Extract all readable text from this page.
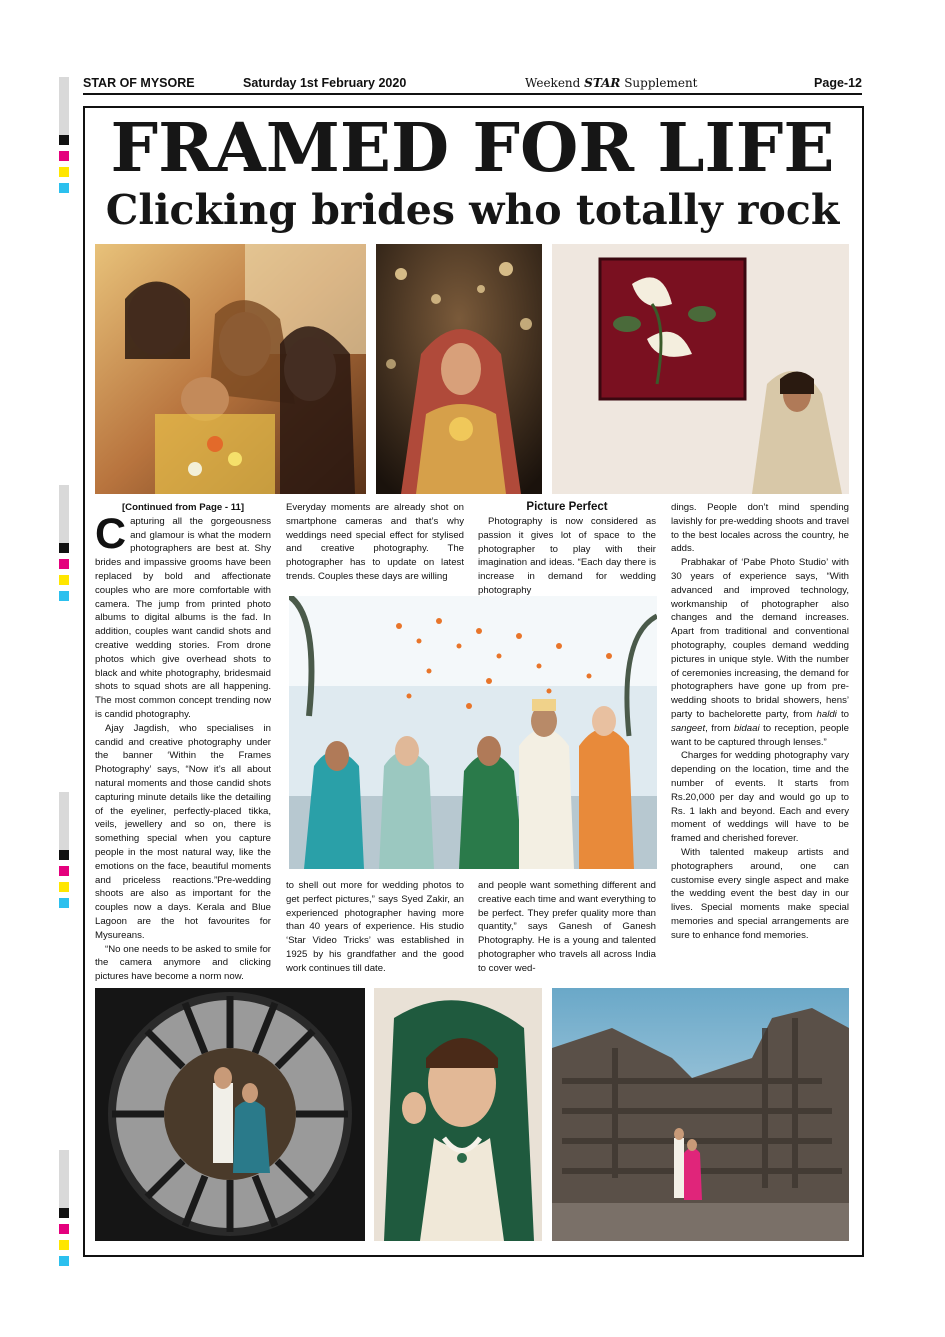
STAR OF MYSORE	Saturday 1st February 2020	Weekend STAR Supplement	Page-12
FRAMED FOR LIFE
Clicking brides who totally rock

[Continued from Page - 11]

Capturing all the gorgeousness and glamour is what the modern photographers are best at. Shy brides and impassive grooms have been replaced by bold and affectionate couples who are more comfortable with camera. The jump from printed photo albums to digital albums is the fad. In addition, couples want candid shots and creative wedding stories. From drone photos which give overhead shots to black and white photography, bridesmaid shots to squad shots are all happening. The most common concept trending now is candid photography.

Ajay Jagdish, who specialises in candid and creative photography under the banner ‘Within the Frames Photography’ says, “Now it’s all about natural moments and those candid shots capturing minute details like the detailing of the eyeliner, perfectly-placed tikka, veils, jewellery and so on, there is something special when you capture people in the most natural way, like the emotions on the face, beautiful moments and priceless reactions.”Pre-wedding shoots are also as important for the couples now a days. Kerala and Blue Lagoon are the hot favourites for Mysureans.

“No one needs to be asked to smile for the camera anymore and clicking pictures have become a norm now.

Everyday moments are already shot on smartphone cameras and that’s why weddings need special effect for stylised and creative photography. The photographer has to update on latest trends. Couples these days are willing

to shell out more for wedding photos to get perfect pictures,” says Syed Zakir, an experienced photographer having more than 40 years of experience. His studio ‘Star Video Tricks’ was established in 1925 by his grandfather and the good work continues till date.

Picture Perfect

Photography is now considered as passion it gives lot of space to the photographer to play with their imagination and ideas. “Each day there is increase in demand for wedding photography

and people want something different and creative each time and want everything to be perfect. They prefer quality more than quantity,” says Ganesh of Ganesh Photography. He is a young and talented photographer who travels all across India to cover wed-

dings. People don’t mind spending lavishly for pre-wedding shoots and travel to the best locales across the country, he adds.

Prabhakar of ‘Pabe Photo Studio’ with 30 years of experience says, “With advanced and improved technology, workmanship of photographer also changes and the demand increases. Apart from traditional and conventional photography, couples demand wedding pictures in unique style. With the number of ceremonies increasing, the demand for photographers have gone up from pre-wedding shoots to bridal showers, hens’ party to bachelorette party, from haldi to sangeet, from bidaai to reception, people want to be captured through lenses.”

Charges for wedding photography vary depending on the location, time and the number of events. It starts from Rs.20,000 per day and would go up to Rs. 1 lakh and beyond. Each and every moment of weddings will have to be framed and cherished forever.

With talented makeup artists and photographers around, one can customise every single aspect and make the wedding event the best day in our lives. Special moments make special memories and special arrangements are sure to enhance fond memories.
